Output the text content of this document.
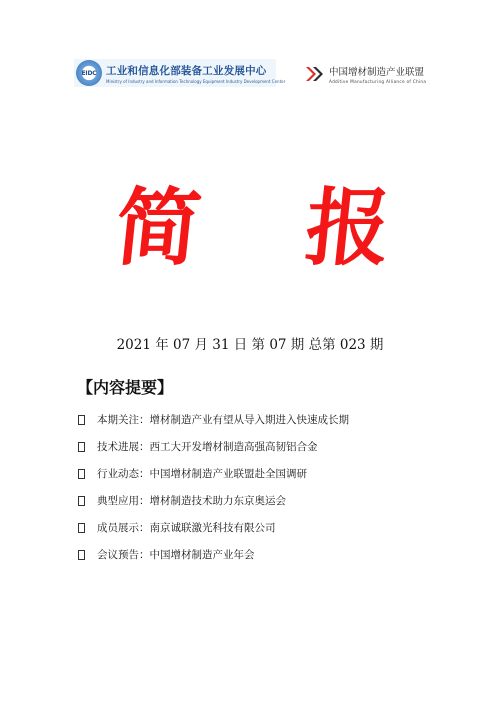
EIDC 工业和信息化部装备工业发展中心
Ministry of Industry and Information Technology Equipment Industry Development Center
中国增材制造产业联盟
Additive Manufacturing Alliance of China
简 报
2021 年 07 月 31 日 第 07 期 总第 023 期
【内容提要】
本期关注： 增材制造产业有望从导入期进入快速成长期
技术进展： 西工大开发增材制造高强高韧铝合金
行业动态： 中国增材制造产业联盟赴全国调研
典型应用： 增材制造技术助力东京奥运会
成员展示： 南京诚联激光科技有限公司
会议预告： 中国增材制造产业年会
